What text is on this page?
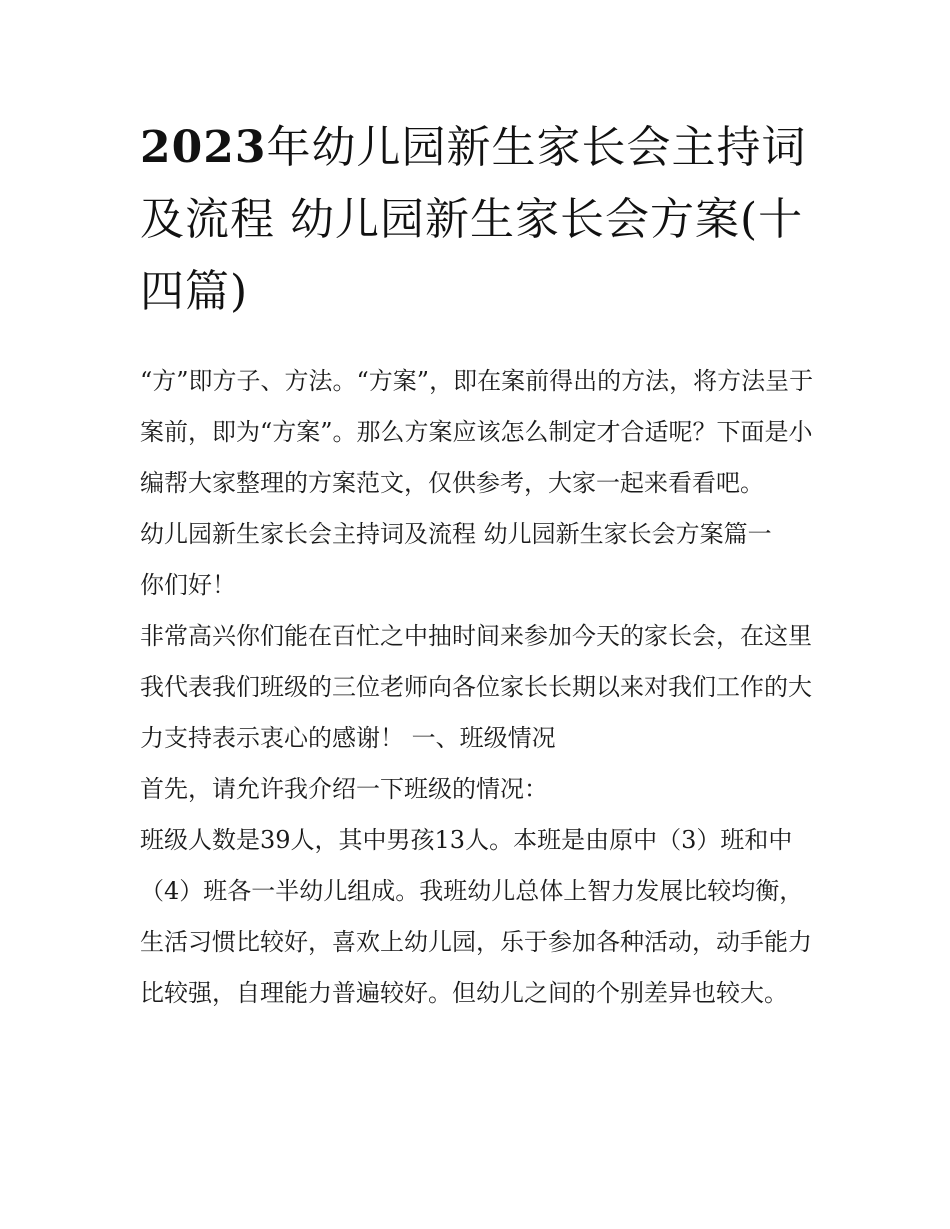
2023年幼儿园新生家长会主持词及流程 幼儿园新生家长会方案(十四篇)

“方”即方子、方法。“方案”，即在案前得出的方法，将方法呈于案前，即为“方案”。那么方案应该怎么制定才合适呢？下面是小编帮大家整理的方案范文，仅供参考，大家一起来看看吧。

幼儿园新生家长会主持词及流程 幼儿园新生家长会方案篇一

你们好！

非常高兴你们能在百忙之中抽时间来参加今天的家长会，在这里我代表我们班级的三位老师向各位家长长期以来对我们工作的大力支持表示衷心的感谢！ 一、班级情况

首先，请允许我介绍一下班级的情况：

班级人数是39人，其中男孩13人。本班是由原中（3）班和中（4）班各一半幼儿组成。我班幼儿总体上智力发展比较均衡，生活习惯比较好，喜欢上幼儿园，乐于参加各种活动，动手能力比较强，自理能力普遍较好。但幼儿之间的个别差异也较大。
